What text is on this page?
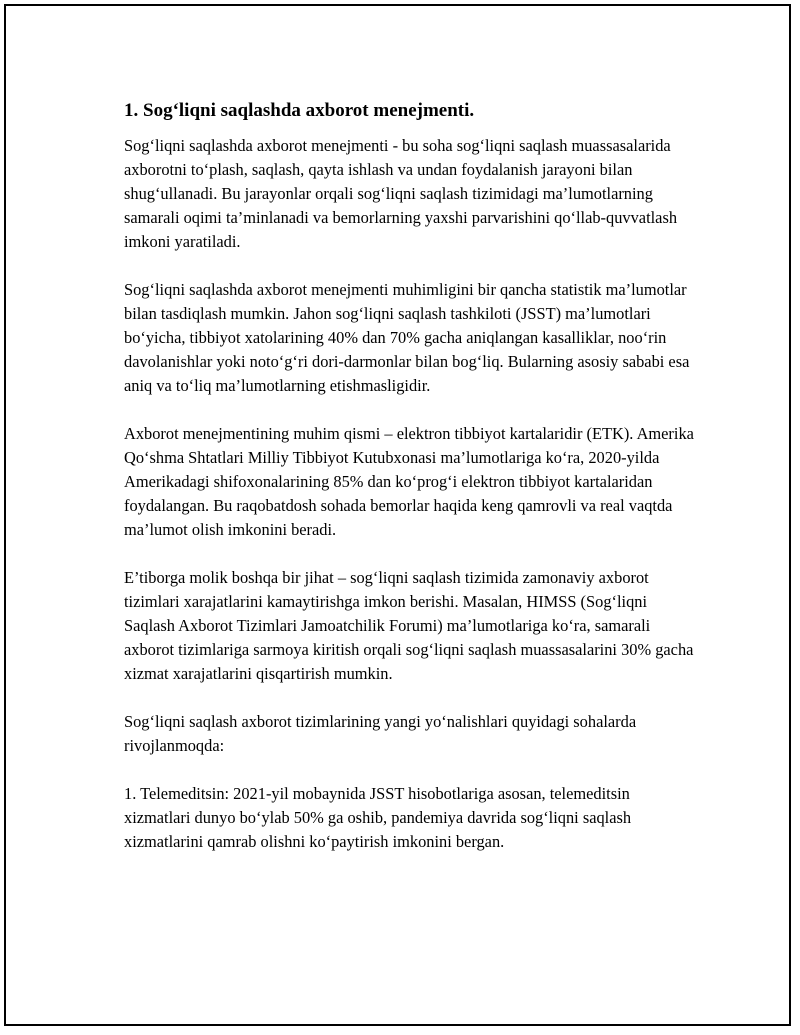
1. Sog‘liqni saqlashda axborot menejmenti.

Sog‘liqni saqlashda axborot menejmenti - bu soha sog‘liqni saqlash muassasalarida axborotni to‘plash, saqlash, qayta ishlash va undan foydalanish jarayoni bilan shug‘ullanadi. Bu jarayonlar orqali sog‘liqni saqlash tizimidagi ma’lumotlarning samarali oqimi ta’minlanadi va bemorlarning yaxshi parvarishini qo‘llab-quvvatlash imkoni yaratiladi.

Sog‘liqni saqlashda axborot menejmenti muhimligini bir qancha statistik ma’lumotlar bilan tasdiqlash mumkin. Jahon sog‘liqni saqlash tashkiloti (JSST) ma’lumotlari bo‘yicha, tibbiyot xatolarining 40% dan 70% gacha aniqlangan kasalliklar, noo‘rin davolanishlar yoki noto‘g‘ri dori-darmonlar bilan bog‘liq. Bularning asosiy sababi esa aniq va to‘liq ma’lumotlarning etishmasligidir.

Axborot menejmentining muhim qismi – elektron tibbiyot kartalaridir (ETK). Amerika Qo‘shma Shtatlari Milliy Tibbiyot Kutubxonasi ma’lumotlariga ko‘ra, 2020-yilda Amerikadagi shifoxonalarining 85% dan ko‘prog‘i elektron tibbiyot kartalaridan foydalangan. Bu raqobatdosh sohada bemorlar haqida keng qamrovli va real vaqtda ma’lumot olish imkonini beradi.

E’tiborga molik boshqa bir jihat – sog‘liqni saqlash tizimida zamonaviy axborot tizimlari xarajatlarini kamaytirishga imkon berishi. Masalan, HIMSS (Sog‘liqni Saqlash Axborot Tizimlari Jamoatchilik Forumi) ma’lumotlariga ko‘ra, samarali axborot tizimlariga sarmoya kiritish orqali sog‘liqni saqlash muassasalarini 30% gacha xizmat xarajatlarini qisqartirish mumkin.

Sog‘liqni saqlash axborot tizimlarining yangi yo‘nalishlari quyidagi sohalarda rivojlanmoqda:

1. Telemeditsin: 2021-yil mobaynida JSST hisobotlariga asosan, telemeditsin xizmatlari dunyo bo‘ylab 50% ga oshib, pandemiya davrida sog‘liqni saqlash xizmatlarini qamrab olishni ko‘paytirish imkonini bergan.
